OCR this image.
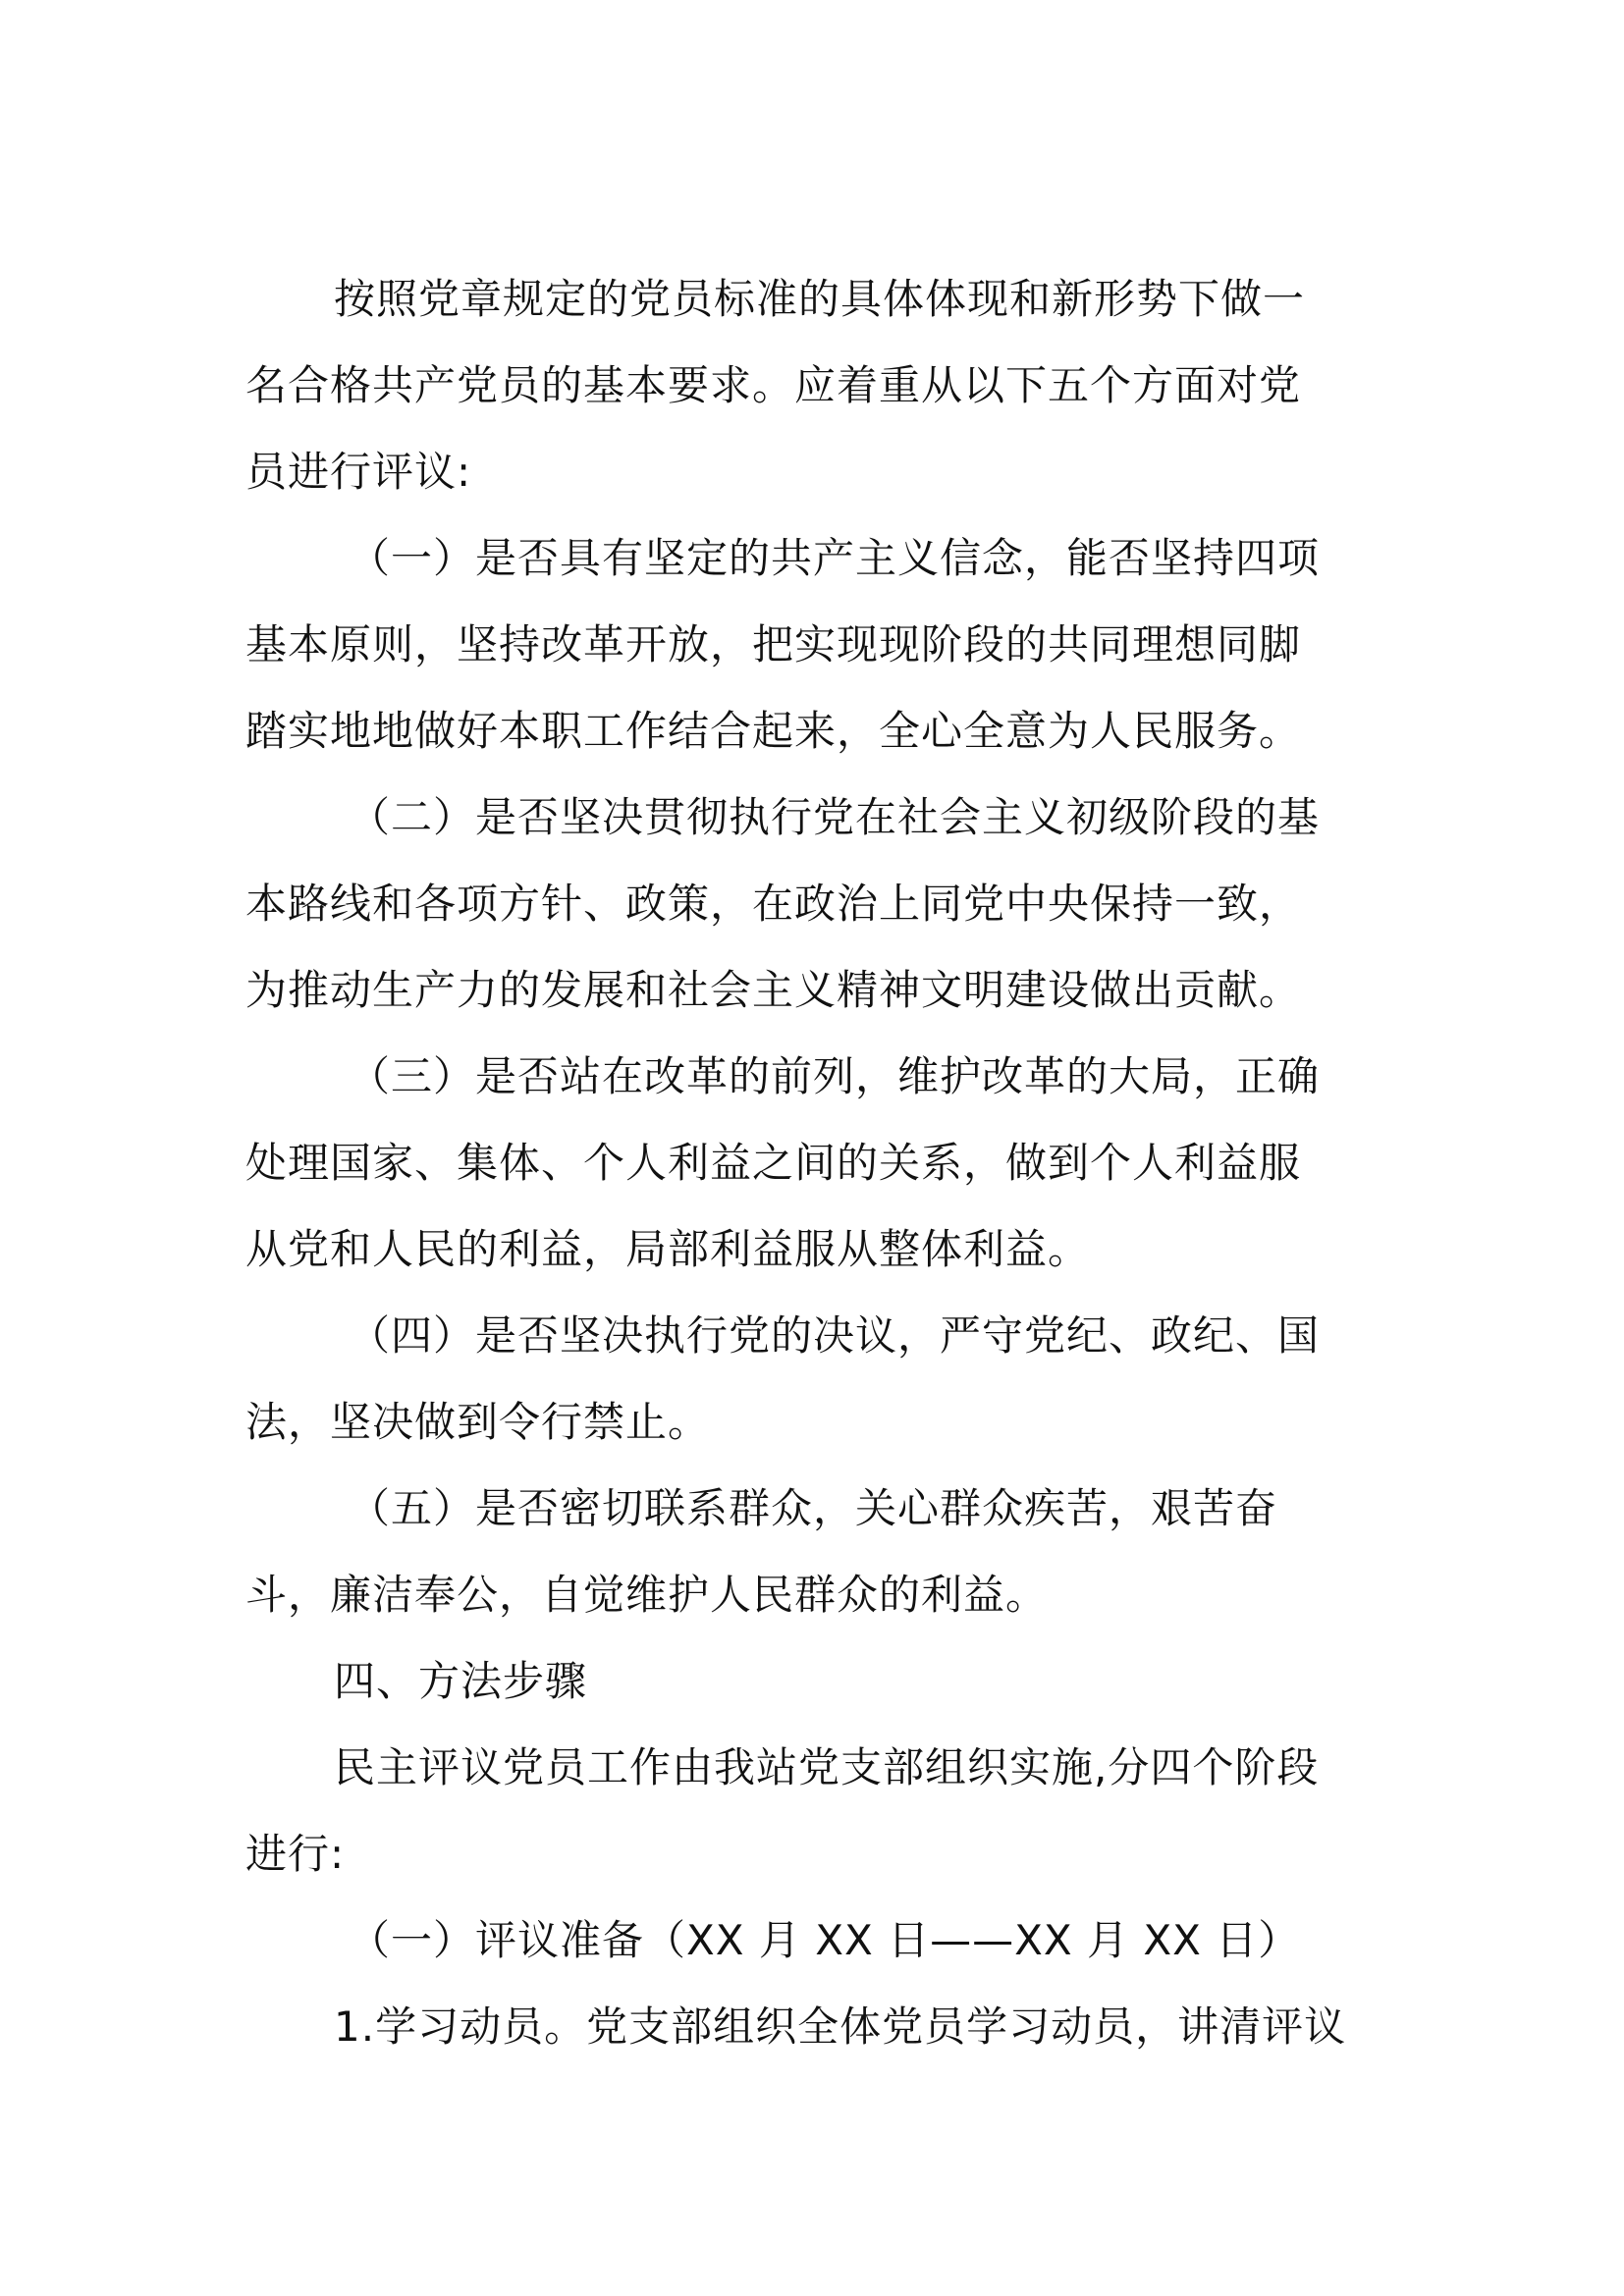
按照党章规定的党员标准的具体体现和新形势下做一
名合格共产党员的基本要求。应着重从以下五个方面对党
员进行评议:
（一）是否具有坚定的共产主义信念，能否坚持四项
基本原则，坚持改革开放，把实现现阶段的共同理想同脚
踏实地地做好本职工作结合起来，全心全意为人民服务。
（二）是否坚决贯彻执行党在社会主义初级阶段的基
本路线和各项方针、政策，在政治上同党中央保持一致，
为推动生产力的发展和社会主义精神文明建设做出贡献。
（三）是否站在改革的前列，维护改革的大局，正确
处理国家、集体、个人利益之间的关系，做到个人利益服
从党和人民的利益，局部利益服从整体利益。
（四）是否坚决执行党的决议，严守党纪、政纪、国
法，坚决做到令行禁止。
（五）是否密切联系群众，关心群众疾苦，艰苦奋
斗，廉洁奉公，自觉维护人民群众的利益。
四、方法步骤
民主评议党员工作由我站党支部组织实施,分四个阶段
进行:
（一）评议准备（XX 月 XX 日——XX 月 XX 日）
1.学习动员。党支部组织全体党员学习动员，讲清评议
